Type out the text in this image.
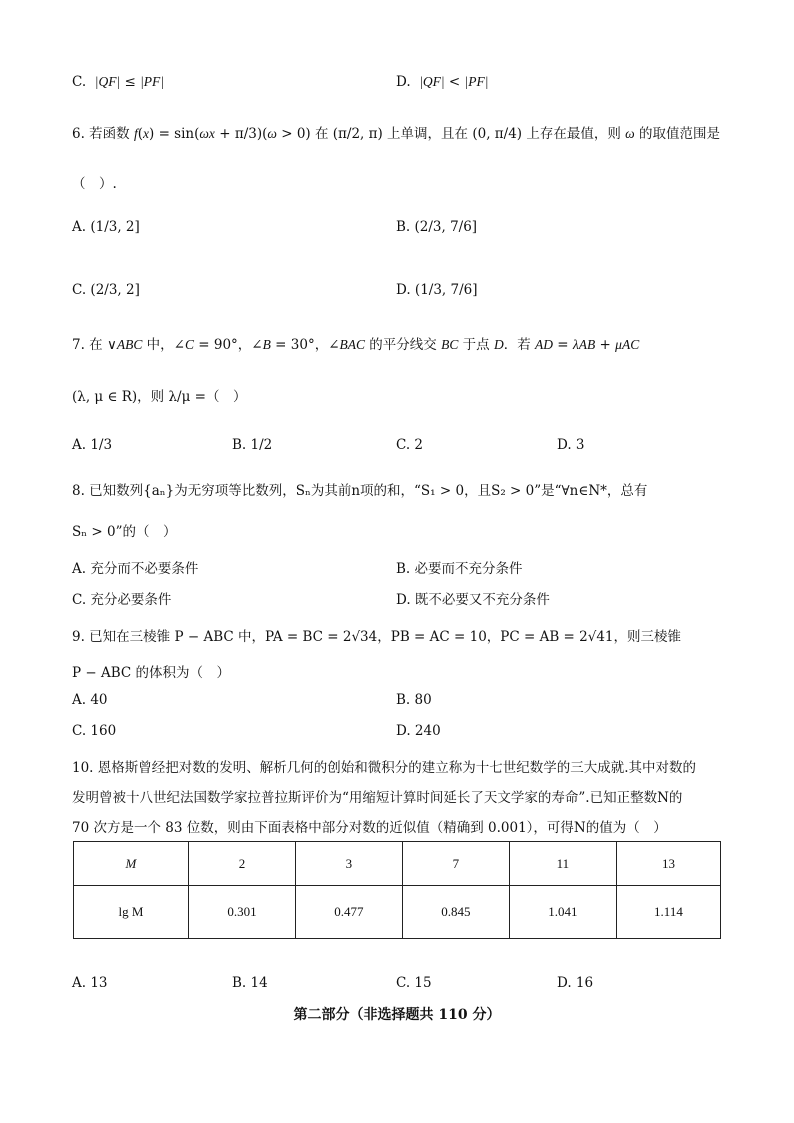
C.  |QF| ≤ |PF|	D.  |QF| < |PF|
6. 若函数 f(x) = sin(ωx + π/3)(ω > 0) 在 (π/2, π) 上单调，且在 (0, π/4) 上存在最值，则 ω 的取值范围是
（　）.
A. (1/3, 2]	B. (2/3, 7/6]
C. (2/3, 2]	D. (1/3, 7/6]
7. 在 ∨ABC 中，∠C = 90°，∠B = 30°，∠BAC 的平分线交 BC 于点 D．若 AD = λAB + μAC
(λ, μ ∈ R)，则 λ/μ =（　）
A. 1/3	B. 1/2	C. 2	D. 3
8. 已知数列{aₙ}为无穷项等比数列，Sₙ为其前n项的和，“S₁ > 0，且S₂ > 0”是“∀n∈N*，总有
Sₙ > 0”的（　）
A. 充分而不必要条件	B. 必要而不充分条件
C. 充分必要条件	D. 既不必要又不充分条件
9. 已知在三棱锥 P − ABC 中，PA = BC = 2√34，PB = AC = 10，PC = AB = 2√41，则三棱锥
P − ABC 的体积为（　）
A. 40	B. 80
C. 160	D. 240
10. 恩格斯曾经把对数的发明、解析几何的创始和微积分的建立称为十七世纪数学的三大成就.其中对数的
发明曾被十八世纪法国数学家拉普拉斯评价为“用缩短计算时间延长了天文学家的寿命”.已知正整数N的
70 次方是一个 83 位数，则由下面表格中部分对数的近似值（精确到 0.001），可得N的值为（　）
M	2	3	7	11	13
lg M	0.301	0.477	0.845	1.041	1.114
A. 13	B. 14	C. 15	D. 16
第二部分（非选择题共 110 分）
